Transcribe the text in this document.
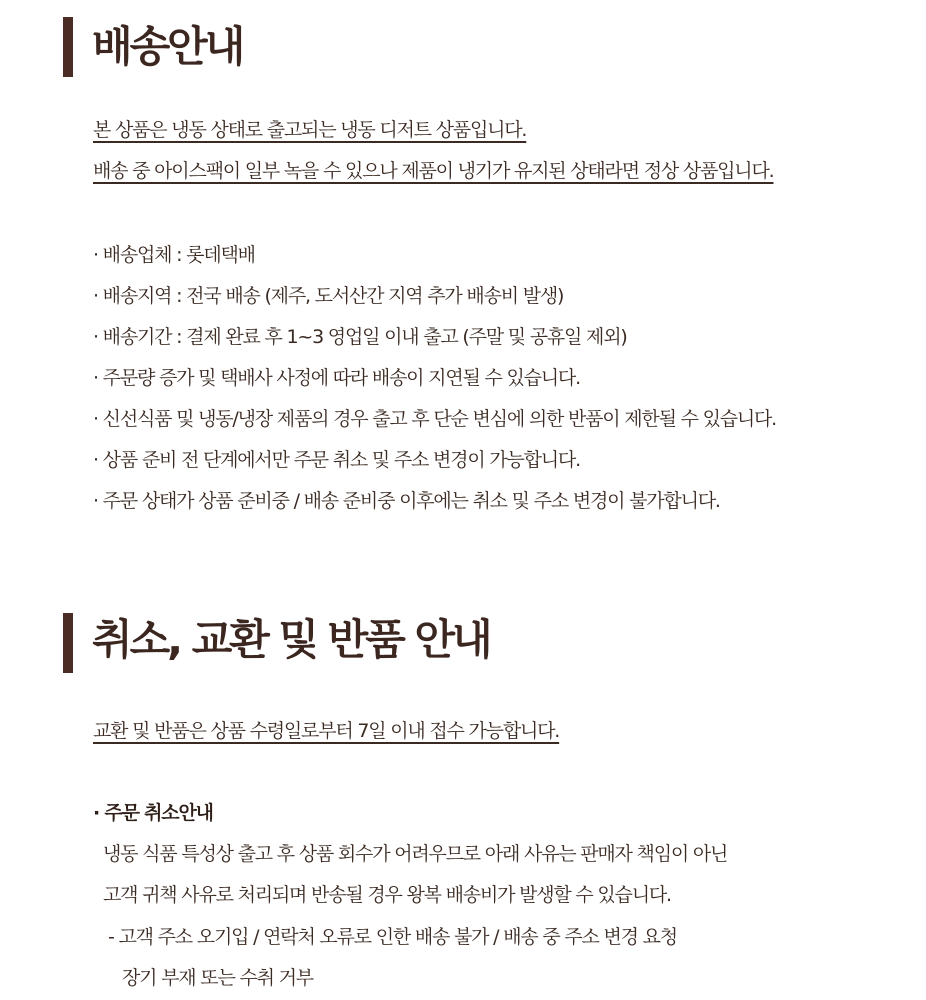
배송안내

본 상품은 냉동 상태로 출고되는 냉동 디저트 상품입니다.

배송 중 아이스팩이 일부 녹을 수 있으나 제품이 냉기가 유지된 상태라면 정상 상품입니다.

· 배송업체 : 롯데택배

· 배송지역 : 전국 배송 (제주, 도서산간 지역 추가 배송비 발생)

· 배송기간 : 결제 완료 후 1~3 영업일 이내 출고 (주말 및 공휴일 제외)

· 주문량 증가 및 택배사 사정에 따라 배송이 지연될 수 있습니다.

· 신선식품 및 냉동/냉장 제품의 경우 출고 후 단순 변심에 의한 반품이 제한될 수 있습니다.

· 상품 준비 전 단계에서만 주문 취소 및 주소 변경이 가능합니다.

· 주문 상태가 상품 준비중 / 배송 준비중 이후에는 취소 및 주소 변경이 불가합니다.

취소, 교환 및 반품 안내

교환 및 반품은 상품 수령일로부터 7일 이내 접수 가능합니다.

· 주문 취소안내

냉동 식품 특성상 출고 후 상품 회수가 어려우므로 아래 사유는 판매자 책임이 아닌

고객 귀책 사유로 처리되며 반송될 경우 왕복 배송비가 발생할 수 있습니다.

- 고객 주소 오기입 / 연락처 오류로 인한 배송 불가 / 배송 중 주소 변경 요청

장기 부재 또는 수취 거부
